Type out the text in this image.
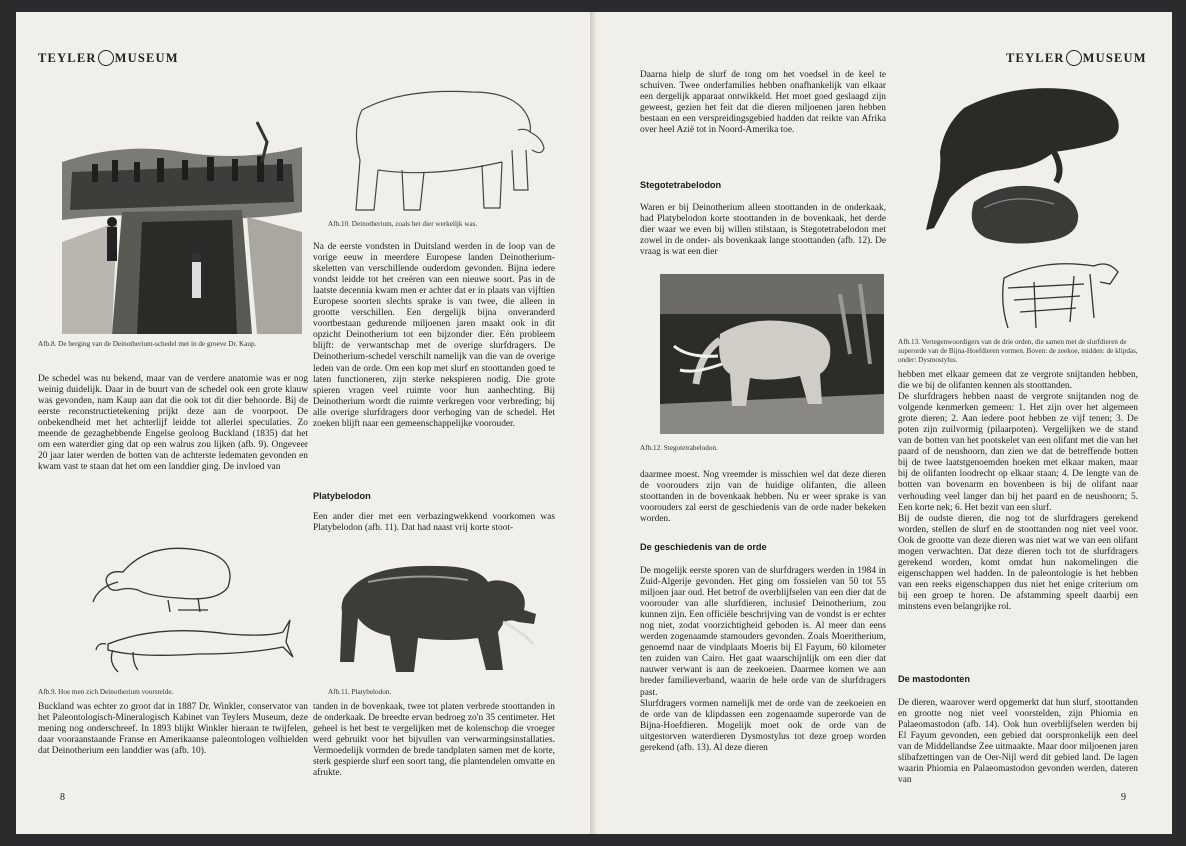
TEYLER MUSEUM
Afb.8. De berging van de Deinotherium-schedel met in de groeve Dr. Kaup.

De schedel was nu bekend, maar van de verdere anatomie was er nog weinig duidelijk. Daar in de buurt van de schedel ook een grote klauw was gevonden, nam Kaup aan dat die ook tot dit dier behoorde. Bij de eerste reconstructietekening prijkt deze aan de voorpoot. De onbekendheid met het achterlijf leidde tot allerlei speculaties. Zo meende de gezaghebbende Engelse geoloog Buckland (1835) dat het om een waterdier ging dat op een walrus zou lijken (afb. 9). Ongeveer 20 jaar later werden de botten van de achterste ledematen gevonden en kwam vast te staan dat het om een landdier ging. De invloed van

Afb.9. Hoe men zich Deinotherium voorstelde.

Buckland was echter zo groot dat in 1887 Dr. Winkler, conservator van het Paleontologisch-Mineralogisch Kabinet van Teylers Museum, deze mening nog onderschreef. In 1893 blijkt Winkler hieraan te twijfelen, daar vooraanstaande Franse en Amerikaanse paleontologen volhielden dat Deinotherium een landdier was (afb. 10).

Afb.10. Deinotherium, zoals het dier werkelijk was.

Na de eerste vondsten in Duitsland werden in de loop van de vorige eeuw in meerdere Europese landen Deinotherium-skeletten van verschillende ouderdom gevonden. Bijna iedere vondst leidde tot het creëren van een nieuwe soort. Pas in de laatste decennia kwam men er achter dat er in plaats van vijftien Europese soorten slechts sprake is van twee, die alleen in grootte verschillen. Een dergelijk bijna onveranderd voortbestaan gedurende miljoenen jaren maakt ook in dit opzicht Deinotherium tot een bijzonder dier. Eén probleem blijft: de verwantschap met de overige slurfdragers. De Deinotherium-schedel verschilt namelijk van die van de overige leden van de orde. Om een kop met slurf en stoottanden goed te laten functioneren, zijn sterke nekspieren nodig. Die grote spieren vragen veel ruimte voor hun aanhechting. Bij Deinotherium wordt die ruimte verkregen voor verbreding; bij alle overige slurfdragers door verhoging van de schedel. Het zoeken blijft naar een gemeenschappelijke voorouder.

Platybelodon

Een ander dier met een verbazingwekkend voorkomen was Platybelodon (afb. 11). Dat had naast vrij korte stoot-

Afb.11. Platybelodon.

tanden in de bovenkaak, twee tot platen verbrede stoottanden in de onderkaak. De breedte ervan bedroeg zo'n 35 centimeter. Het geheel is het best te vergelijken met de kolenschop die vroeger werd gebruikt voor het bijvullen van verwarmingsinstallaties. Vermoedelijk vormden de brede tandplaten samen met de korte, sterk gespierde slurf een soort tang, die plantendelen omvatte en afrukte.

8
TEYLER MUSEUM

Daarna hielp de slurf de tong om het voedsel in de keel te schuiven. Twee onderfamilies hebben onafhankelijk van elkaar een dergelijk apparaat ontwikkeld. Het moet goed geslaagd zijn geweest, gezien het feit dat die dieren miljoenen jaren hebben bestaan en een verspreidingsgebied hadden dat reikte van Afrika over heel Azië tot in Noord-Amerika toe.

Stegotetrabelodon

Waren er bij Deinotherium alleen stoottanden in de onderkaak, had Platybelodon korte stoottanden in de bovenkaak, het derde dier waar we even bij willen stilstaan, is Stegotetrabelodon met zowel in de onder- als bovenkaak lange stoottanden (afb. 12). De vraag is wat een dier

Afb.12. Stegotetrabelodon.

daarmee moest. Nog vreemder is misschien wel dat deze dieren de voorouders zijn van de huidige olifanten, die alleen stoottanden in de bovenkaak hebben. Nu er weer sprake is van voorouders zal eerst de geschiedenis van de orde nader bekeken worden.

De geschiedenis van de orde

De mogelijk eerste sporen van de slurfdragers werden in 1984 in Zuid-Algerije gevonden. Het ging om fossielen van 50 tot 55 miljoen jaar oud. Het betrof de overblijfselen van een dier dat de voorouder van alle slurfdieren, inclusief Deinotherium, zou kunnen zijn. Een officiële beschrijving van de vondst is er echter nog niet, zodat voorzichtigheid geboden is. Al meer dan eens werden zogenaamde stamouders gevonden. Zoals Moeritherium, genoemd naar de vindplaats Moeris bij El Fayum, 60 kilometer ten zuiden van Cairo. Het gaat waarschijnlijk om een dier dat nauwer verwant is aan de zeekoeien. Daarmee komen we aan breder familieverband, waarin de hele orde van de slurfdragers past.

Slurfdragers vormen namelijk met de orde van de zeekoeien en de orde van de klipdassen een zogenaamde superorde van de Bijna-Hoefdieren. Mogelijk moet ook de orde van de uitgestorven waterdieren Dysmostylus tot deze groep worden gerekend (afb. 13). Al deze dieren

Afb.13. Vertegenwoordigers van de drie orden, die samen met de slurfdieren de superorde van de Bijna-Hoefdieren vormen. Boven: de zeekoe, midden: de klipdas, onder: Dysmostylus.

hebben met elkaar gemeen dat ze vergrote snijtanden hebben, die we bij de olifanten kennen als stoottanden.

De slurfdragers hebben naast de vergrote snijtanden nog de volgende kenmerken gemeen: 1. Het zijn over het algemeen grote dieren; 2. Aan iedere poot hebben ze vijf tenen; 3. De poten zijn zuilvormig (pilaarpoten). Vergelijken we de stand van de botten van het pootskelet van een olifant met die van het paard of de neushoorn, dan zien we dat de betreffende botten bij de twee laatstgenoemden hoeken met elkaar maken, maar bij de olifanten loodrecht op elkaar staan; 4. De lengte van de botten van bovenarm en bovenbeen is bij de olifant naar verhouding veel langer dan bij het paard en de neushoorn; 5. Een korte nek; 6. Het bezit van een slurf.

Bij de oudste dieren, die nog tot de slurfdragers gerekend worden, stellen de slurf en de stoottanden nog niet veel voor. Ook de grootte van deze dieren was niet wat we van een olifant mogen verwachten. Dat deze dieren toch tot de slurfdragers gerekend worden, komt omdat hun nakomelingen die eigenschappen wel hadden. In de paleontologie is het hebben van een reeks eigenschappen dus niet het enige criterium om bij een groep te horen. De afstamming speelt daarbij een minstens even belangrijke rol.

De mastodonten

De dieren, waarover werd opgemerkt dat hun slurf, stoottanden en grootte nog niet veel voorstelden, zijn Phiomia en Palaeomastodon (afb. 14). Ook hun overblijfselen werden bij El Fayum gevonden, een gebied dat oorspronkelijk een deel van de Middellandse Zee uitmaakte. Maar door miljoenen jaren slibafzettingen van de Oer-Nijl werd dit gebied land. De lagen waarin Phiomia en Palaeomastodon gevonden werden, dateren van

9
